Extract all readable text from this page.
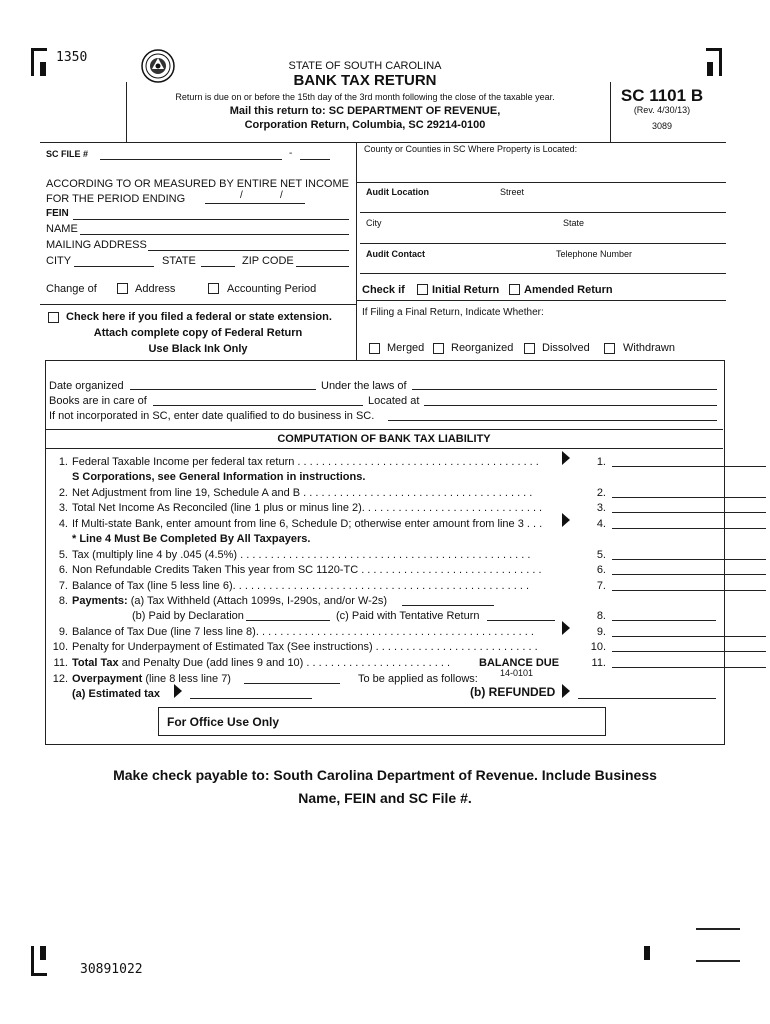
1350
STATE OF SOUTH CAROLINA
BANK TAX RETURN
Return is due on or before the 15th day of the 3rd month following the close of the taxable year.
Mail this return to: SC DEPARTMENT OF REVENUE,
Corporation Return, Columbia, SC 29214-0100
SC 1101 B
(Rev. 4/30/13)
3089
SC FILE #	-
ACCORDING TO OR MEASURED BY ENTIRE NET INCOME
FOR THE PERIOD ENDING	/	/
FEIN
NAME
MAILING ADDRESS
CITY	STATE	ZIP CODE
Change of	Address	Accounting Period
Check here if you filed a federal or state extension.
Attach complete copy of Federal Return
Use Black Ink Only
County or Counties in SC Where Property is Located:
Audit Location	Street
City	State
Audit Contact	Telephone Number
Check if Initial Return Amended Return
If Filing a Final Return, Indicate Whether:
Merged Reorganized	Dissolved	Withdrawn
Date organized	Under the laws of
Books are in care of	Located at
If not incorporated in SC, enter date qualified to do business in SC.
COMPUTATION OF BANK TAX LIABILITY
1. Federal Taxable Income per federal tax return . . . . . . . . . . . . . . . . . . . . . . . . . . . . . . . . . . . . . . . .	1.
S Corporations, see General Information in instructions.
2. Net Adjustment from line 19, Schedule A and B . . . . . . . . . . . . . . . . . . . . . . . . . . . . . . . . . . . . . .	2.
3. Total Net Income As Reconciled (line 1 plus or minus line 2). . . . . . . . . . . . . . . . . . . . . . . . . . . . . .	3.
4. If Multi-state Bank, enter amount from line 6, Schedule D; otherwise enter amount from line 3 . . .	4.
* Line 4 Must Be Completed By All Taxpayers.
5. Tax (multiply line 4 by .045 (4.5%) . . . . . . . . . . . . . . . . . . . . . . . . . . . . . . . . . . . . . . . . . . . . . . . .	5.
6. Non Refundable Credits Taken This year from SC 1120-TC . . . . . . . . . . . . . . . . . . . . . . . . . . . . . .	6.
7. Balance of Tax (line 5 less line 6). . . . . . . . . . . . . . . . . . . . . . . . . . . . . . . . . . . . . . . . . . . . . . . . .	7.
8. Payments: (a) Tax Withheld (Attach 1099s, I-290s, and/or W-2s)
(b) Paid by Declaration	(c) Paid with Tentative Return	8.
9. Balance of Tax Due (line 7 less line 8). . . . . . . . . . . . . . . . . . . . . . . . . . . . . . . . . . . . . . . . . . . . . .	9.
10. Penalty for Underpayment of Estimated Tax (See instructions) . . . . . . . . . . . . . . . . . . . . . . . . . . .	10.
11. Total Tax and Penalty Due (add lines 9 and 10) . . . . . . . . . . . . . . . . . . . . . . . .	11.
BALANCE DUE
14-0101
12. Overpayment (line 8 less line 7)	To be applied as follows:
(a) Estimated tax	(b) REFUNDED
For Office Use Only
Make check payable to: South Carolina Department of Revenue. Include Business
Name, FEIN and SC File #.
30891022
